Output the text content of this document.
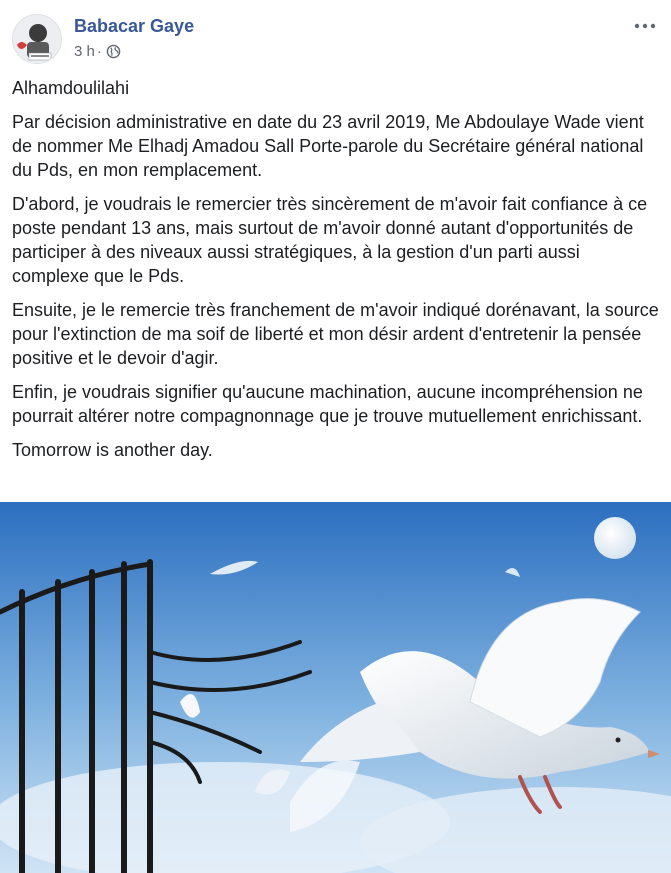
Babacar Gaye
3 h ·

Alhamdoulilahi

Par décision administrative en date du 23 avril 2019, Me Abdoulaye Wade vient de nommer Me Elhadj Amadou Sall Porte-parole du Secrétaire général national du Pds, en mon remplacement.

D'abord, je voudrais le remercier très sincèrement de m'avoir fait confiance à ce poste pendant 13 ans, mais surtout de m'avoir donné autant d'opportunités de participer à des niveaux aussi stratégiques, à la gestion d'un parti aussi complexe que le Pds.

Ensuite, je le remercie très franchement de m'avoir indiqué dorénavant, la source pour l'extinction de ma soif de liberté et mon désir ardent d'entretenir la pensée positive et le devoir d'agir.

Enfin, je voudrais signifier qu'aucune machination, aucune incompréhension ne pourrait altérer notre compagnonnage que je trouve mutuellement enrichissant.

Tomorrow is another day.
